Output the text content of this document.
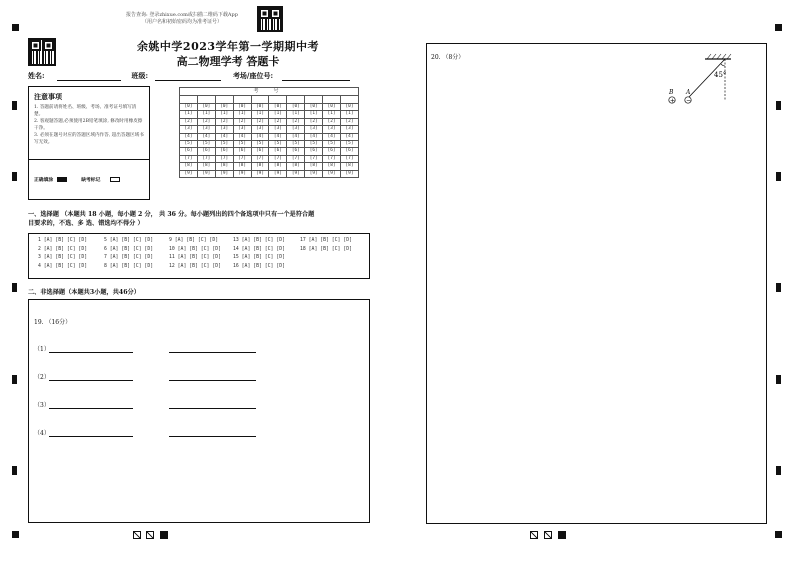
报告查询: 登录zhixue.com或扫描二维码下载App
（用户名和初始密码均为准考证号）
余姚中学2023学年第一学期期中考
高二物理学考 答题卡
姓名:	班级:	考场/座位号:
注意事项

1. 答题前请将姓名、班级、考场、准考证号填写清楚。

2. 客观题答题,必须使用2B铅笔填涂, 修改时用橡皮擦干净。

3. 必须在题号对应的答题区域内作答, 超出答题区域书写无效。

正确填涂	缺考标记
考 号									

[0]	[0]	[0]	[0]	[0]	[0]	[0]	[0]	[0]	[0]
[1]	[1]	[1]	[1]	[1]	[1]	[1]	[1]	[1]	[1]
[2]	[2]	[2]	[2]	[2]	[2]	[2]	[2]	[2]	[2]
[3]	[3]	[3]	[3]	[3]	[3]	[3]	[3]	[3]	[3]
[4]	[4]	[4]	[4]	[4]	[4]	[4]	[4]	[4]	[4]
[5]	[5]	[5]	[5]	[5]	[5]	[5]	[5]	[5]	[5]
[6]	[6]	[6]	[6]	[6]	[6]	[6]	[6]	[6]	[6]
[7]	[7]	[7]	[7]	[7]	[7]	[7]	[7]	[7]	[7]
[8]	[8]	[8]	[8]	[8]	[8]	[8]	[8]	[8]	[8]
[9]	[9]	[9]	[9]	[9]	[9]	[9]	[9]	[9]	[9]
一、选择题 （本题共 18 小题，每小题 2 分， 共 36 分。每小题列出的四个备选项中只有一个是符合题
目要求的，不选、多 选、错选均不得分 ）
1 [A] [B] [C] [D]
2 [A] [B] [C] [D]
3 [A] [B] [C] [D]
4 [A] [B] [C] [D]
5 [A] [B] [C] [D]
6 [A] [B] [C] [D]
7 [A] [B] [C] [D]
8 [A] [B] [C] [D]
9 [A] [B] [C] [D]
10 [A] [B] [C] [D]
11 [A] [B] [C] [D]
12 [A] [B] [C] [D]
13 [A] [B] [C] [D]
14 [A] [B] [C] [D]
15 [A] [B] [C] [D]
16 [A] [B] [C] [D]
17 [A] [B] [C] [D]
18 [A] [B] [C] [D]
二、非选择题（本题共3小题，共46分）
19. （16分）
（1）
（2）
（3）
（4）
20. （8分）
45°
+ −
B A
